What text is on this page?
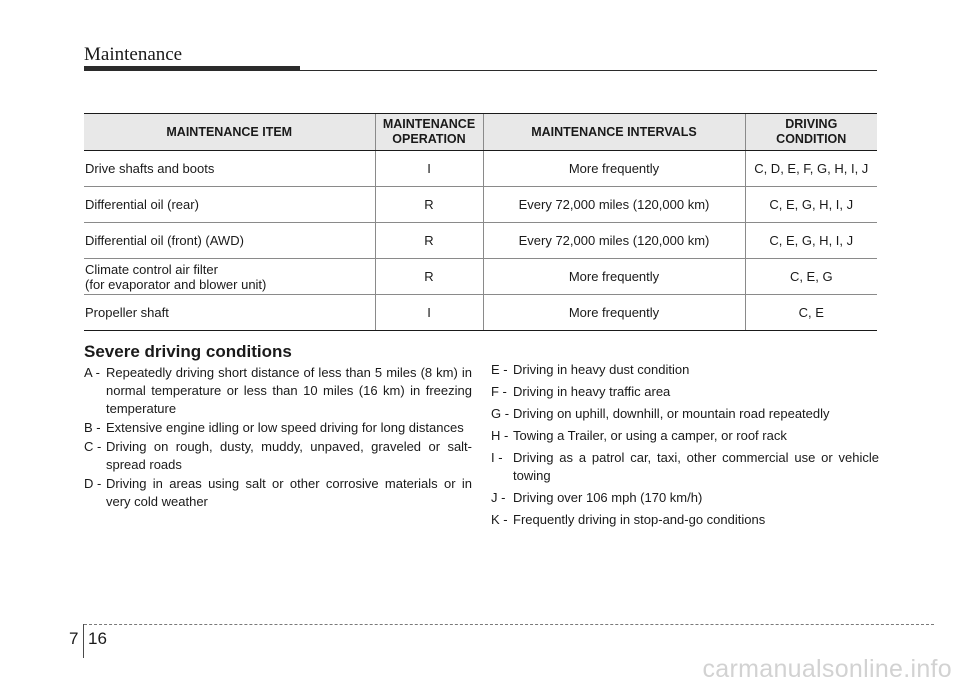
Maintenance
MAINTENANCE ITEM	MAINTENANCE OPERATION	MAINTENANCE INTERVALS	DRIVING CONDITION
Drive shafts and boots	I	More frequently	C, D, E, F, G, H, I, J
Differential oil (rear)	R	Every 72,000 miles (120,000 km)	C, E, G, H, I, J
Differential oil (front) (AWD)	R	Every 72,000 miles (120,000 km)	C, E, G, H, I, J
Climate control air filter
(for evaporator and blower unit)	R	More frequently	C, E, G
Propeller shaft	I	More frequently	C, E
Severe driving conditions
A - Repeatedly driving short distance of less than 5 miles (8 km) in normal temperature or less than 10 miles (16 km) in freezing temperature
B - Extensive engine idling or low speed driving for long distances
C - Driving on rough, dusty, muddy, unpaved, graveled or salt-spread roads
D - Driving in areas using salt or other corrosive materials or in very cold weather
E - Driving in heavy dust condition
F - Driving in heavy traffic area
G - Driving on uphill, downhill, or mountain road repeatedly
H - Towing a Trailer, or using a camper, or roof rack
I - Driving as a patrol car, taxi, other commercial use or vehicle towing
J - Driving over 106 mph (170 km/h)
K - Frequently driving in stop-and-go conditions
7 16
carmanualsonline.info
